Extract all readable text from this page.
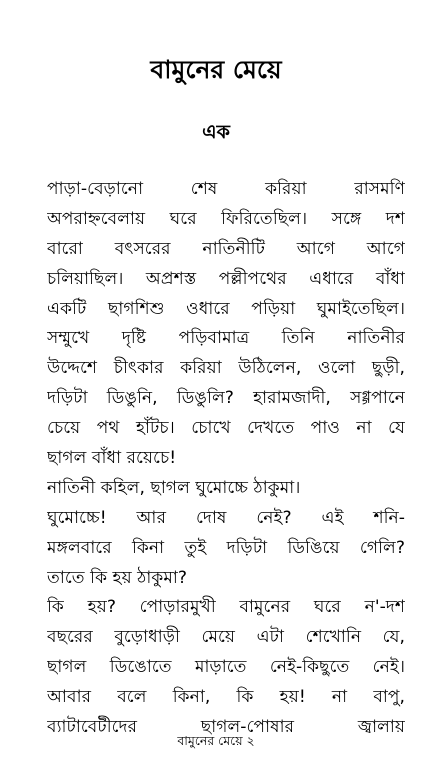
বামুনের মেয়ে
এক
পাড়া-বেড়ানো শেষ করিয়া রাসমণি
অপরাহ্নবেলায় ঘরে ফিরিতেছিল। সঙ্গে দশ
বারো বৎসরের নাতিনীটি আগে আগে
চলিয়াছিল। অপ্রশস্ত পল্লীপথের এধারে বাঁধা
একটি ছাগশিশু ওধারে পড়িয়া ঘুমাইতেছিল।
সম্মুখে দৃষ্টি পড়িবামাত্র তিনি নাতিনীর
উদ্দেশে চীৎকার করিয়া উঠিলেন, ওলো ছুড়ী,
দড়িটা ডিঙুনি, ডিঙুলি? হারামজাদী, সগ্গপানে
চেয়ে পথ হাঁটচ। চোখে দেখতে পাও না যে
ছাগল বাঁধা রয়েচে!
নাতিনী কহিল, ছাগল ঘুমোচ্চে ঠাকুমা।
ঘুমোচ্চে! আর দোষ নেই? এই শনি-
মঙ্গলবারে কিনা তুই দড়িটা ডিঙিয়ে গেলি?
তাতে কি হয় ঠাকুমা?
কি হয়? পোড়ারমুখী বামুনের ঘরে ন'-দশ
বছরের বুড়োধাড়ী মেয়ে এটা শেখোনি যে,
ছাগল ডিঙোতে মাড়াতে নেই-কিছুতে নেই।
আবার বলে কিনা, কি হয়! না বাপু,
ব্যাটাবেটীদের ছাগল-পোষার জ্বালায়
বামুনের মেয়ে ২
